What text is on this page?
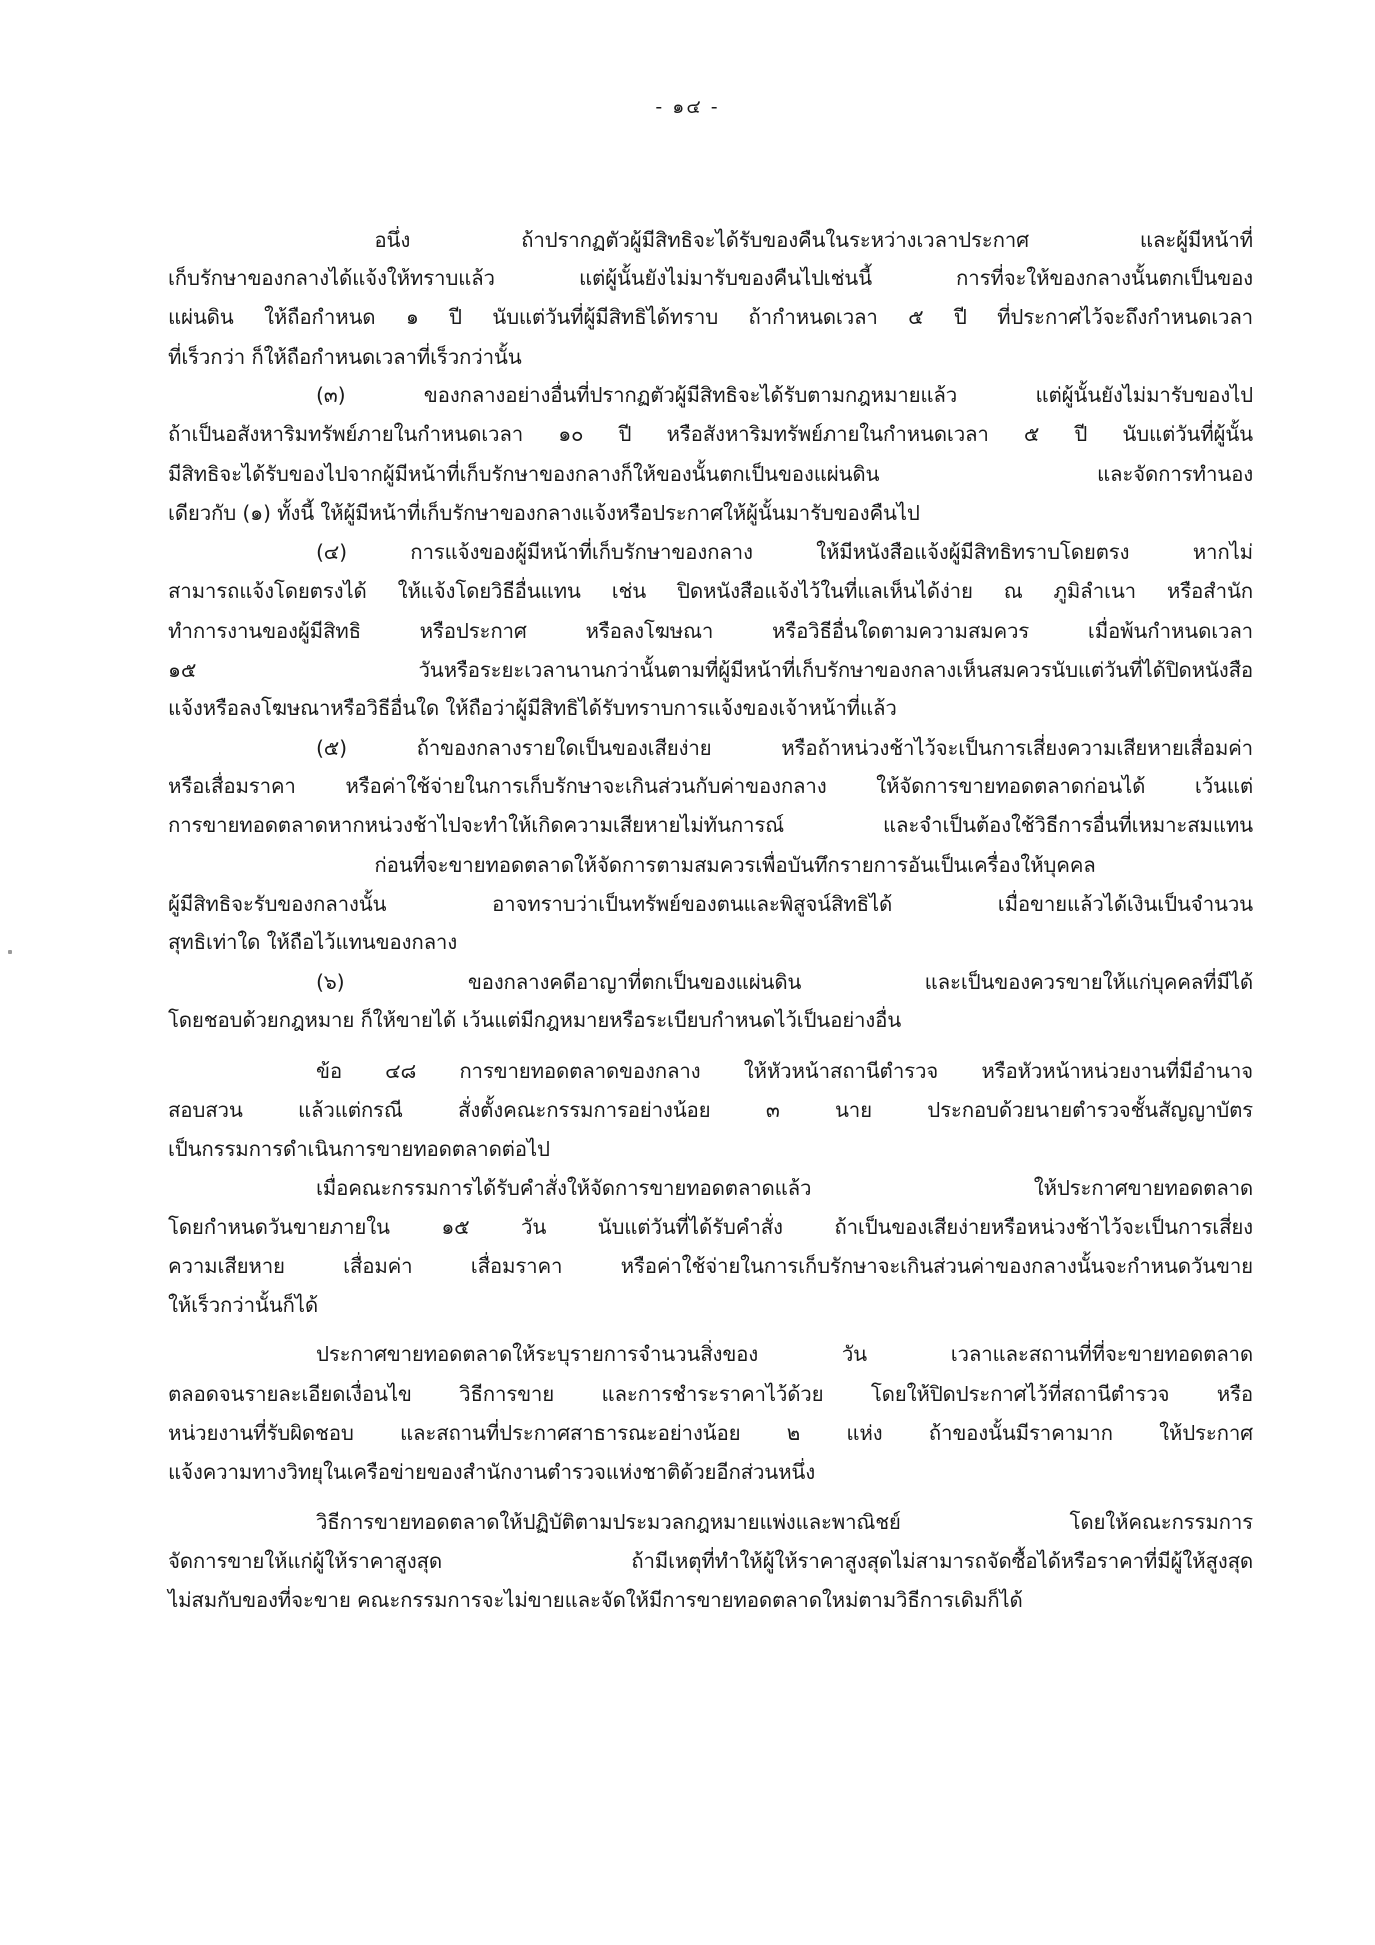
- ๑๔ -
อนึ่ง ถ้าปรากฏตัวผู้มีสิทธิจะได้รับของคืนในระหว่างเวลาประกาศ และผู้มีหน้าที่
เก็บรักษาของกลางได้แจ้งให้ทราบแล้ว แต่ผู้นั้นยังไม่มารับของคืนไปเช่นนี้ การที่จะให้ของกลางนั้นตกเป็นของ
แผ่นดิน ให้ถือกำหนด ๑ ปี นับแต่วันที่ผู้มีสิทธิได้ทราบ ถ้ากำหนดเวลา ๕ ปี ที่ประกาศไว้จะถึงกำหนดเวลา
ที่เร็วกว่า ก็ให้ถือกำหนดเวลาที่เร็วกว่านั้น
(๓) ของกลางอย่างอื่นที่ปรากฏตัวผู้มีสิทธิจะได้รับตามกฎหมายแล้ว แต่ผู้นั้นยังไม่มารับของไป
ถ้าเป็นอสังหาริมทรัพย์ภายในกำหนดเวลา ๑๐ ปี หรือสังหาริมทรัพย์ภายในกำหนดเวลา ๕ ปี นับแต่วันที่ผู้นั้น
มีสิทธิจะได้รับของไปจากผู้มีหน้าที่เก็บรักษาของกลางก็ให้ของนั้นตกเป็นของแผ่นดิน และจัดการทำนอง
เดียวกับ (๑) ทั้งนี้ ให้ผู้มีหน้าที่เก็บรักษาของกลางแจ้งหรือประกาศให้ผู้นั้นมารับของคืนไป
(๔) การแจ้งของผู้มีหน้าที่เก็บรักษาของกลาง ให้มีหนังสือแจ้งผู้มีสิทธิทราบโดยตรง หากไม่
สามารถแจ้งโดยตรงได้ ให้แจ้งโดยวิธีอื่นแทน เช่น ปิดหนังสือแจ้งไว้ในที่แลเห็นได้ง่าย ณ ภูมิลำเนา หรือสำนัก
ทำการงานของผู้มีสิทธิ หรือประกาศ หรือลงโฆษณา หรือวิธีอื่นใดตามความสมควร เมื่อพ้นกำหนดเวลา
๑๕ วันหรือระยะเวลานานกว่านั้นตามที่ผู้มีหน้าที่เก็บรักษาของกลางเห็นสมควรนับแต่วันที่ได้ปิดหนังสือ
แจ้งหรือลงโฆษณาหรือวิธีอื่นใด ให้ถือว่าผู้มีสิทธิได้รับทราบการแจ้งของเจ้าหน้าที่แล้ว
(๕) ถ้าของกลางรายใดเป็นของเสียง่าย หรือถ้าหน่วงช้าไว้จะเป็นการเสี่ยงความเสียหายเสื่อมค่า
หรือเสื่อมราคา หรือค่าใช้จ่ายในการเก็บรักษาจะเกินส่วนกับค่าของกลาง ให้จัดการขายทอดตลาดก่อนได้ เว้นแต่
การขายทอดตลาดหากหน่วงช้าไปจะทำให้เกิดความเสียหายไม่ทันการณ์ และจำเป็นต้องใช้วิธีการอื่นที่เหมาะสมแทน
ก่อนที่จะขายทอดตลาดให้จัดการตามสมควรเพื่อบันทึกรายการอันเป็นเครื่องให้บุคคล
ผู้มีสิทธิจะรับของกลางนั้น อาจทราบว่าเป็นทรัพย์ของตนและพิสูจน์สิทธิได้ เมื่อขายแล้วได้เงินเป็นจำนวน
สุทธิเท่าใด ให้ถือไว้แทนของกลาง
(๖) ของกลางคดีอาญาที่ตกเป็นของแผ่นดิน และเป็นของควรขายให้แก่บุคคลที่มีได้
โดยชอบด้วยกฎหมาย ก็ให้ขายได้ เว้นแต่มีกฎหมายหรือระเบียบกำหนดไว้เป็นอย่างอื่น
ข้อ ๔๘ การขายทอดตลาดของกลาง ให้หัวหน้าสถานีตำรวจ หรือหัวหน้าหน่วยงานที่มีอำนาจ
สอบสวน แล้วแต่กรณี สั่งตั้งคณะกรรมการอย่างน้อย ๓ นาย ประกอบด้วยนายตำรวจชั้นสัญญาบัตร
เป็นกรรมการดำเนินการขายทอดตลาดต่อไป
เมื่อคณะกรรมการได้รับคำสั่งให้จัดการขายทอดตลาดแล้ว ให้ประกาศขายทอดตลาด
โดยกำหนดวันขายภายใน ๑๕ วัน นับแต่วันที่ได้รับคำสั่ง ถ้าเป็นของเสียง่ายหรือหน่วงช้าไว้จะเป็นการเสี่ยง
ความเสียหาย เสื่อมค่า เสื่อมราคา หรือค่าใช้จ่ายในการเก็บรักษาจะเกินส่วนค่าของกลางนั้นจะกำหนดวันขาย
ให้เร็วกว่านั้นก็ได้
ประกาศขายทอดตลาดให้ระบุรายการจำนวนสิ่งของ วัน เวลาและสถานที่ที่จะขายทอดตลาด
ตลอดจนรายละเอียดเงื่อนไข วิธีการขาย และการชำระราคาไว้ด้วย โดยให้ปิดประกาศไว้ที่สถานีตำรวจ หรือ
หน่วยงานที่รับผิดชอบ และสถานที่ประกาศสาธารณะอย่างน้อย ๒ แห่ง ถ้าของนั้นมีราคามาก ให้ประกาศ
แจ้งความทางวิทยุในเครือข่ายของสำนักงานตำรวจแห่งชาติด้วยอีกส่วนหนึ่ง
วิธีการขายทอดตลาดให้ปฏิบัติตามประมวลกฎหมายแพ่งและพาณิชย์ โดยให้คณะกรรมการ
จัดการขายให้แก่ผู้ให้ราคาสูงสุด ถ้ามีเหตุที่ทำให้ผู้ให้ราคาสูงสุดไม่สามารถจัดซื้อได้หรือราคาที่มีผู้ให้สูงสุด
ไม่สมกับของที่จะขาย คณะกรรมการจะไม่ขายและจัดให้มีการขายทอดตลาดใหม่ตามวิธีการเดิมก็ได้
